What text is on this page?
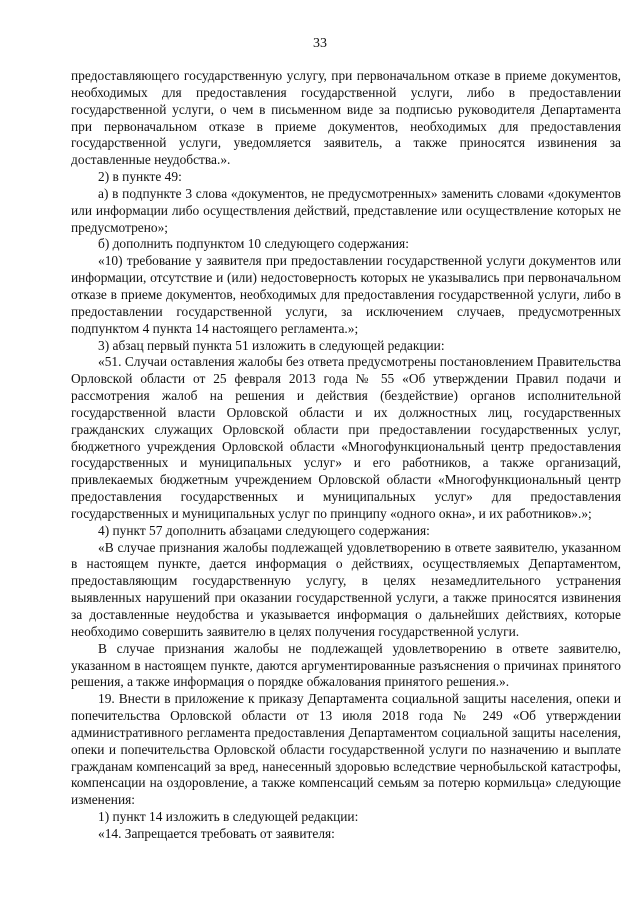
33

предоставляющего государственную услугу, при первоначальном отказе в приеме документов, необходимых для предоставления государственной услуги, либо в предоставлении государственной услуги, о чем в письменном виде за подписью руководителя Департамента при первоначальном отказе в приеме документов, необходимых для предоставления государственной услуги, уведомляется заявитель, а также приносятся извинения за доставленные неудобства.».

2) в пункте 49:

а) в подпункте 3 слова «документов, не предусмотренных» заменить словами «документов или информации либо осуществления действий, представление или осуществление которых не предусмотрено»;

б) дополнить подпунктом 10 следующего содержания:

«10) требование у заявителя при предоставлении государственной услуги документов или информации, отсутствие и (или) недостоверность которых не указывались при первоначальном отказе в приеме документов, необходимых для предоставления государственной услуги, либо в предоставлении государственной услуги, за исключением случаев, предусмотренных подпунктом 4 пункта 14 настоящего регламента.»;

3) абзац первый пункта 51 изложить в следующей редакции:

«51. Случаи оставления жалобы без ответа предусмотрены постановлением Правительства Орловской области от 25 февраля 2013 года № 55 «Об утверждении Правил подачи и рассмотрения жалоб на решения и действия (бездействие) органов исполнительной государственной власти Орловской области и их должностных лиц, государственных гражданских служащих Орловской области при предоставлении государственных услуг, бюджетного учреждения Орловской области «Многофункциональный центр предоставления государственных и муниципальных услуг» и его работников, а также организаций, привлекаемых бюджетным учреждением Орловской области «Многофункциональный центр предоставления государственных и муниципальных услуг» для предоставления государственных и муниципальных услуг по принципу «одного окна», и их работников».»;

4) пункт 57 дополнить абзацами следующего содержания:

«В случае признания жалобы подлежащей удовлетворению в ответе заявителю, указанном в настоящем пункте, дается информация о действиях, осуществляемых Департаментом, предоставляющим государственную услугу, в целях незамедлительного устранения выявленных нарушений при оказании государственной услуги, а также приносятся извинения за доставленные неудобства и указывается информация о дальнейших действиях, которые необходимо совершить заявителю в целях получения государственной услуги.

В случае признания жалобы не подлежащей удовлетворению в ответе заявителю, указанном в настоящем пункте, даются аргументированные разъяснения о причинах принятого решения, а также информация о порядке обжалования принятого решения.».

19. Внести в приложение к приказу Департамента социальной защиты населения, опеки и попечительства Орловской области от 13 июля 2018 года № 249 «Об утверждении административного регламента предоставления Департаментом социальной защиты населения, опеки и попечительства Орловской области государственной услуги по назначению и выплате гражданам компенсаций за вред, нанесенный здоровью вследствие чернобыльской катастрофы, компенсации на оздоровление, а также компенсаций семьям за потерю кормильца» следующие изменения:

1) пункт 14 изложить в следующей редакции:

«14. Запрещается требовать от заявителя:
